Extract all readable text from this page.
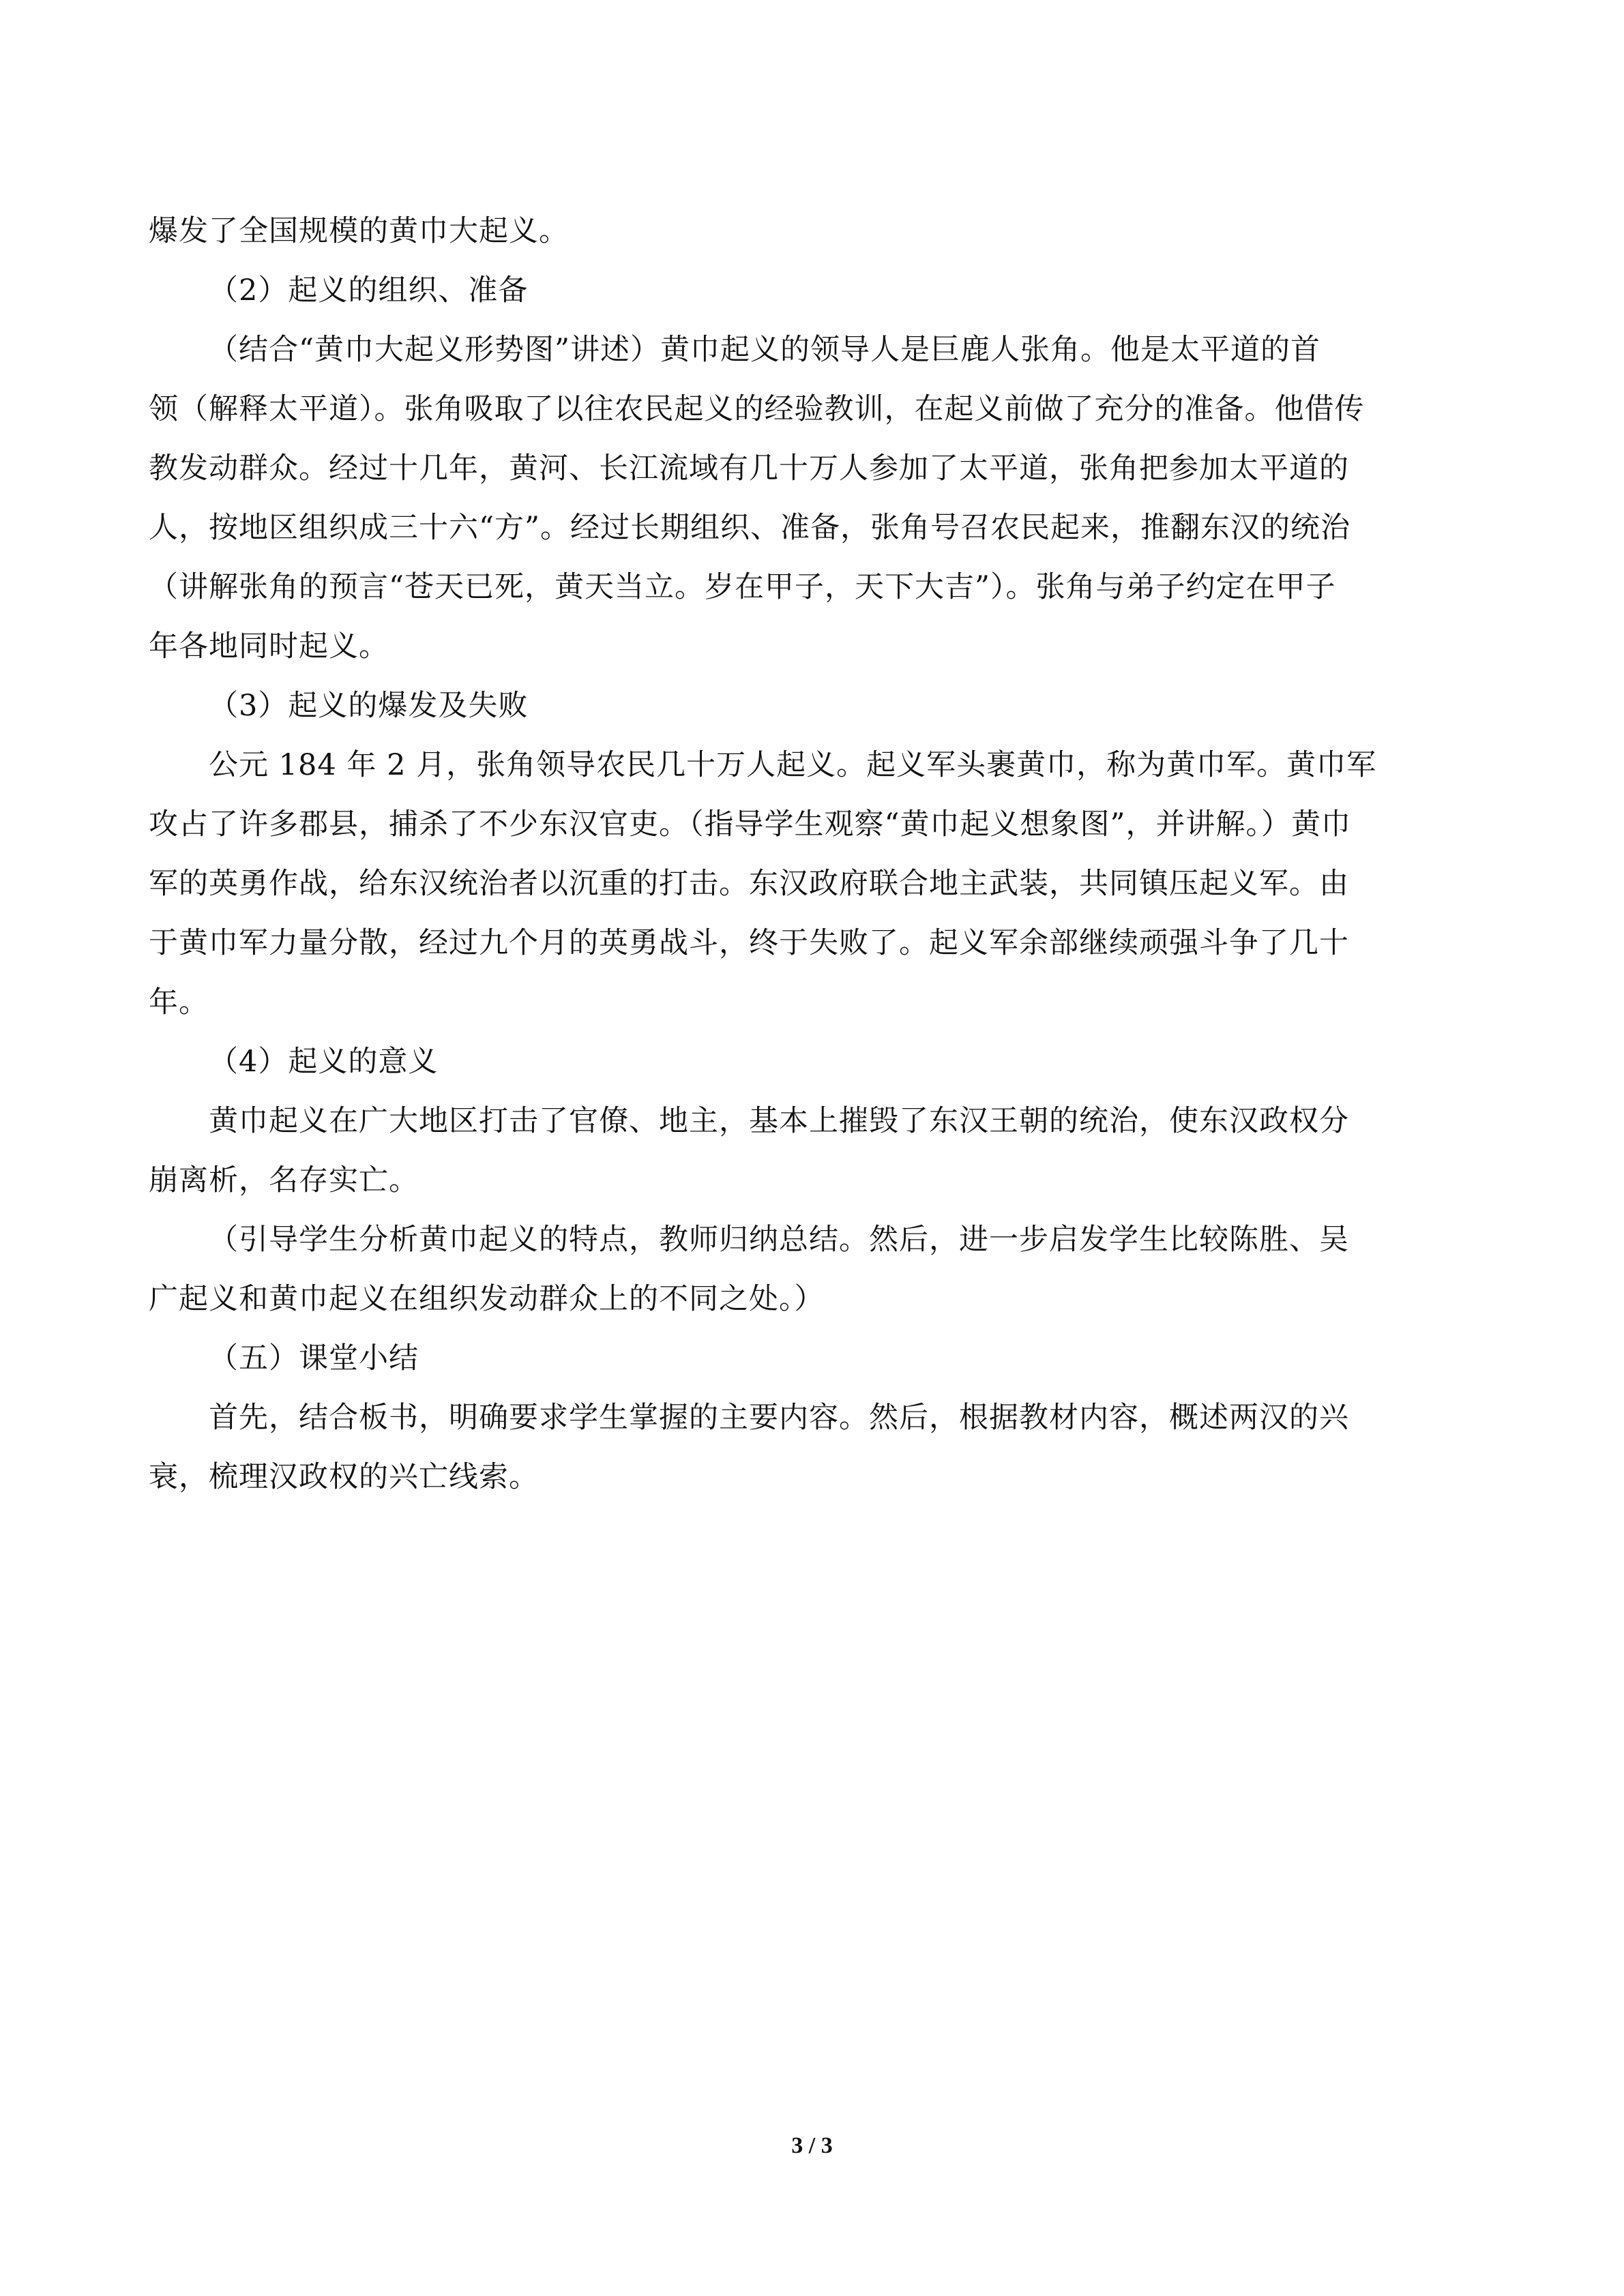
爆发了全国规模的黄巾大起义。

（2）起义的组织、准备

（结合“黄巾大起义形势图”讲述）黄巾起义的领导人是巨鹿人张角。他是太平道的首

领（解释太平道）。张角吸取了以往农民起义的经验教训，在起义前做了充分的准备。他借传

教发动群众。经过十几年，黄河、长江流域有几十万人参加了太平道，张角把参加太平道的

人，按地区组织成三十六“方”。经过长期组织、准备，张角号召农民起来，推翻东汉的统治

（讲解张角的预言“苍天已死，黄天当立。岁在甲子，天下大吉”）。张角与弟子约定在甲子

年各地同时起义。

（3）起义的爆发及失败

公元 184 年 2 月，张角领导农民几十万人起义。起义军头裹黄巾，称为黄巾军。黄巾军

攻占了许多郡县，捕杀了不少东汉官吏。（指导学生观察“黄巾起义想象图”，并讲解。）黄巾

军的英勇作战，给东汉统治者以沉重的打击。东汉政府联合地主武装，共同镇压起义军。由

于黄巾军力量分散，经过九个月的英勇战斗，终于失败了。起义军余部继续顽强斗争了几十

年。

（4）起义的意义

黄巾起义在广大地区打击了官僚、地主，基本上摧毁了东汉王朝的统治，使东汉政权分

崩离析，名存实亡。

（引导学生分析黄巾起义的特点，教师归纳总结。然后，进一步启发学生比较陈胜、吴

广起义和黄巾起义在组织发动群众上的不同之处。）

（五）课堂小结

首先，结合板书，明确要求学生掌握的主要内容。然后，根据教材内容，概述两汉的兴

衰，梳理汉政权的兴亡线索。

3 / 3
